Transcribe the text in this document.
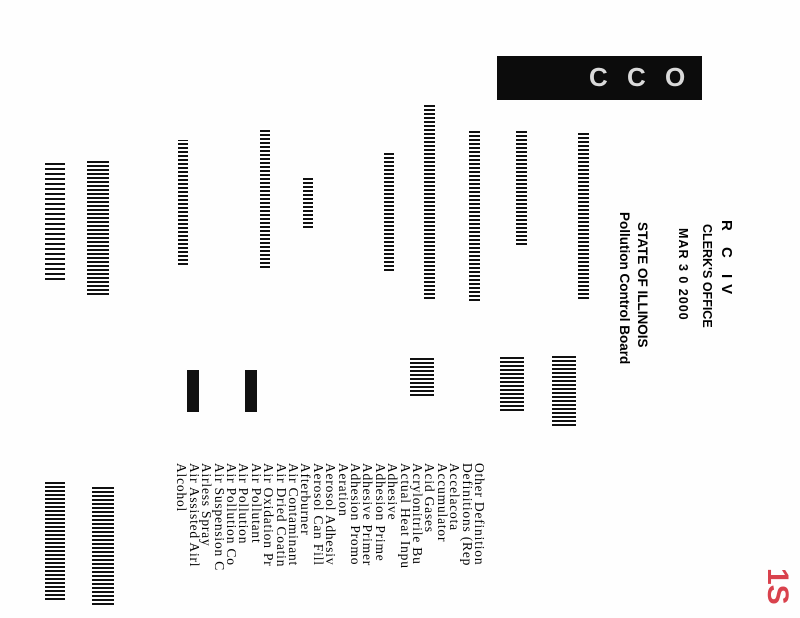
C C O
R C IV
CLERK'S OFFICE
MAR 3 0 2000
STATE OF ILLINOIS
Pollution Control Board
Other Definition
Definitions (Rep
Accelacota
Accumulator
Acid Gases
Acrylonitrile Bu
Actual Heat Inpu
Adhesive
Adhesion Prime
Adhesive Primer
Adhesion Promo
Aeration
Aerosol Adhesiv
Aerosol Can Fill
Afterburner
Air Contaminant
Air Dried Coatin
Air Oxidation Pr
Air Pollutant
Air Pollution
Air Pollution Co
Air Suspension C
Airless Spray
Air Assisted Airl
Alcohol
1S
